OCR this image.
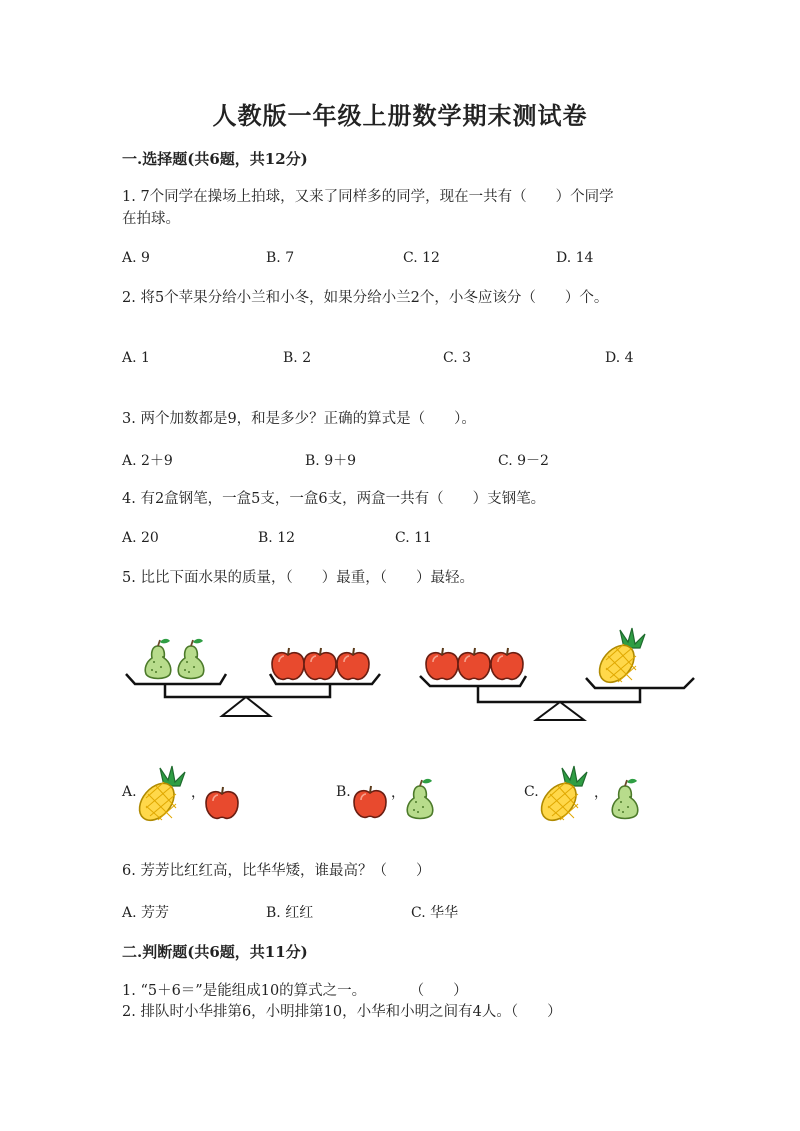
人教版一年级上册数学期末测试卷
一.选择题(共6题，共12分)
1. 7个同学在操场上拍球，又来了同样多的同学，现在一共有（　　）个同学
在拍球。
A. 9	B. 7	C. 12	D. 14
2. 将5个苹果分给小兰和小冬，如果分给小兰2个，小冬应该分（　　）个。
A. 1	B. 2	C. 3	D. 4
3. 两个加数都是9，和是多少？正确的算式是（　　）。
A. 2＋9	B. 9＋9	C. 9－2
4. 有2盒钢笔，一盒5支，一盒6支，两盒一共有（　　）支钢笔。
A. 20	B. 12	C. 11
5. 比比下面水果的质量，（　　）最重，（　　）最轻。
A.	，	B.	，	C.	，
6. 芳芳比红红高，比华华矮，谁最高？（　　）
A. 芳芳	B. 红红	C. 华华
二.判断题(共6题，共11分)
1. “5＋6＝”是能组成10的算式之一。　　　　（　　）
2. 排队时小华排第6，小明排第10，小华和小明之间有4人。（　　）
